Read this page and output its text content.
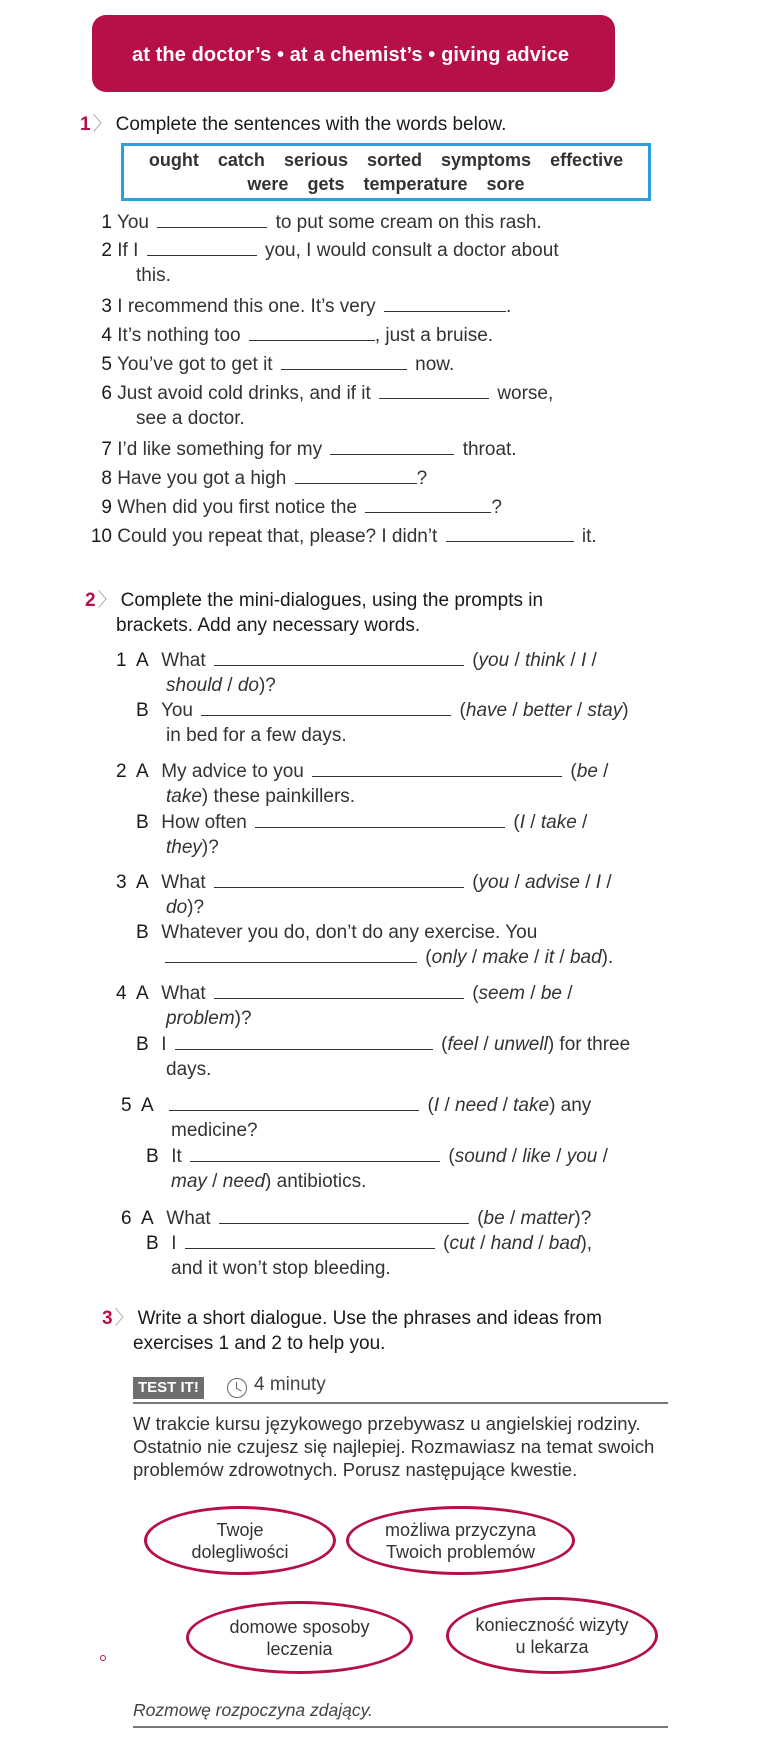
at the doctor’s • at a chemist’s • giving advice
1 〉 Complete the sentences with the words below.
ought catch serious sorted symptoms effective
were gets temperature sore
1 You	to put some cream on this rash.
2 If I	you, I would consult a doctor about
this.
3 I recommend this one. It’s very	.
4 It’s nothing too	, just a bruise.
5 You’ve got to get it	now.
6 Just avoid cold drinks, and if it	worse,
see a doctor.
7 I’d like something for my	throat.
8 Have you got a high	?
9 When did you first notice the	?
10 Could you repeat that, please? I didn’t	it.
2 〉 Complete the mini-dialogues, using the prompts in
brackets. Add any necessary words.
1 A What	(you / think / I /
should / do)?
B You	(have / better / stay)
in bed for a few days.
2 A My advice to you	(be /
take) these painkillers.
B How often	(I / take /
they)?
3 A What	(you / advise / I /
do)?
B Whatever you do, don’t do any exercise. You
(only / make / it / bad).
4 A What	(seem / be /
problem)?
B I	(feel / unwell) for three
days.
5 A	(I / need / take) any
medicine?
B It	(sound / like / you /
may / need) antibiotics.
6 A What	(be / matter)?
B I	(cut / hand / bad),
and it won’t stop bleeding.
3 〉 Write a short dialogue. Use the phrases and ideas from
exercises 1 and 2 to help you.
TEST IT!	4 minuty
W trakcie kursu językowego przebywasz u angielskiej rodziny. Ostatnio nie czujesz się najlepiej. Rozmawiasz na temat swoich problemów zdrowotnych. Porusz następujące kwestie.
Twoje
dolegliwości
możliwa przyczyna
Twoich problemów
domowe sposoby
leczenia
konieczność wizyty
u lekarza
Rozmowę rozpoczyna zdający.
